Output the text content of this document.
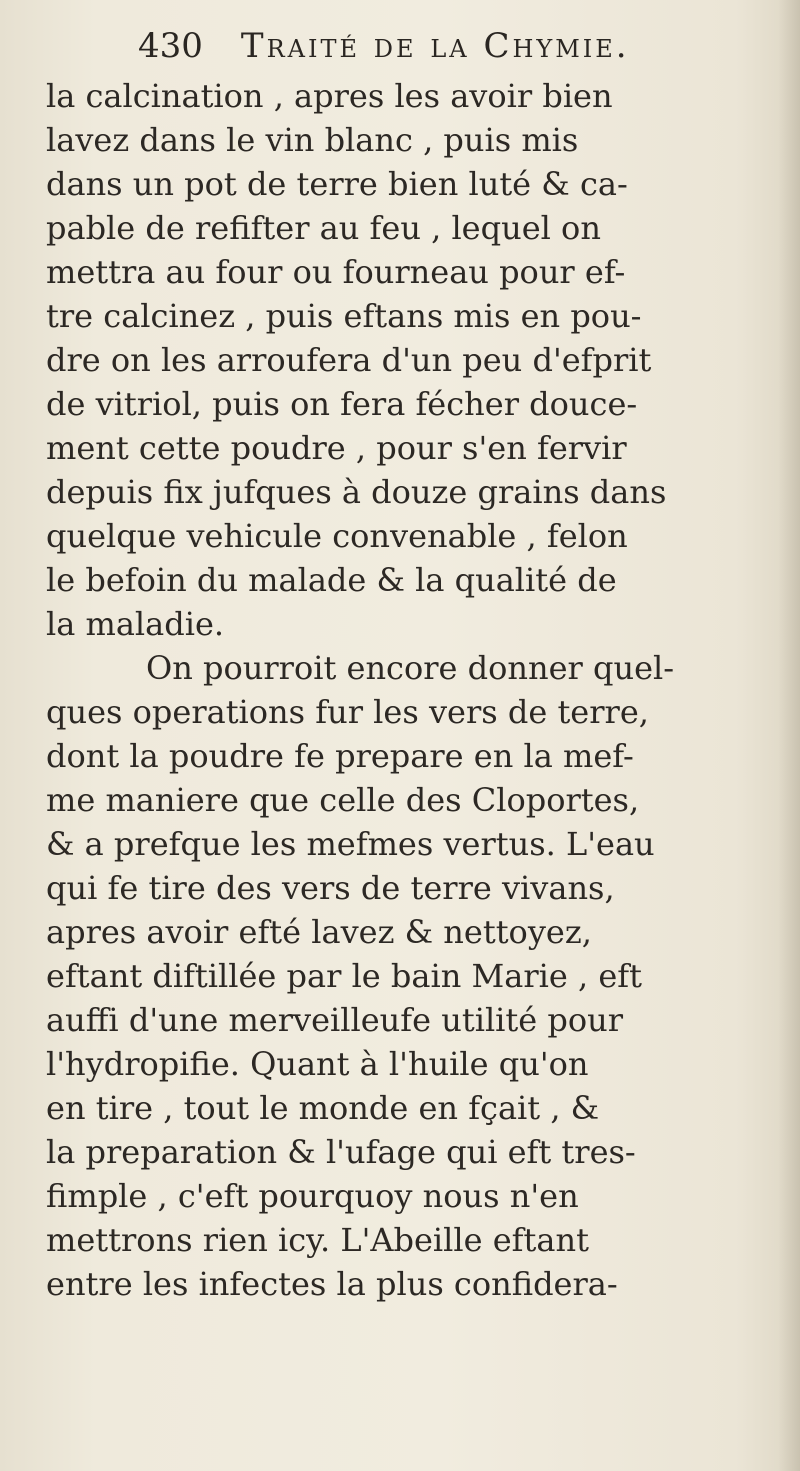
430 Traité de la Chymie.
la calcination , apres les avoir bien
lavez dans le vin blanc , puis mis
dans un pot de terre bien luté & ca-
pable de refifter au feu , lequel on
mettra au four ou fourneau pour ef-
tre calcinez , puis eftans mis en pou-
dre on les arroufera d'un peu d'efprit
de vitriol, puis on fera fécher douce-
ment cette poudre , pour s'en fervir
depuis fix jufques à douze grains dans
quelque vehicule convenable , felon
le befoin du malade & la qualité de
la maladie.
On pourroit encore donner quel-
ques operations fur les vers de terre,
dont la poudre fe prepare en la mef-
me maniere que celle des Cloportes,
& a prefque les mefmes vertus. L'eau
qui fe tire des vers de terre vivans,
apres avoir efté lavez & nettoyez,
eftant diftillée par le bain Marie , eft
auffi d'une merveilleufe utilité pour
l'hydropifie. Quant à l'huile qu'on
en tire , tout le monde en fçait , &
la preparation & l'ufage qui eft tres-
fimple , c'eft pourquoy nous n'en
mettrons rien icy. L'Abeille eftant
entre les infectes la plus confidera-
